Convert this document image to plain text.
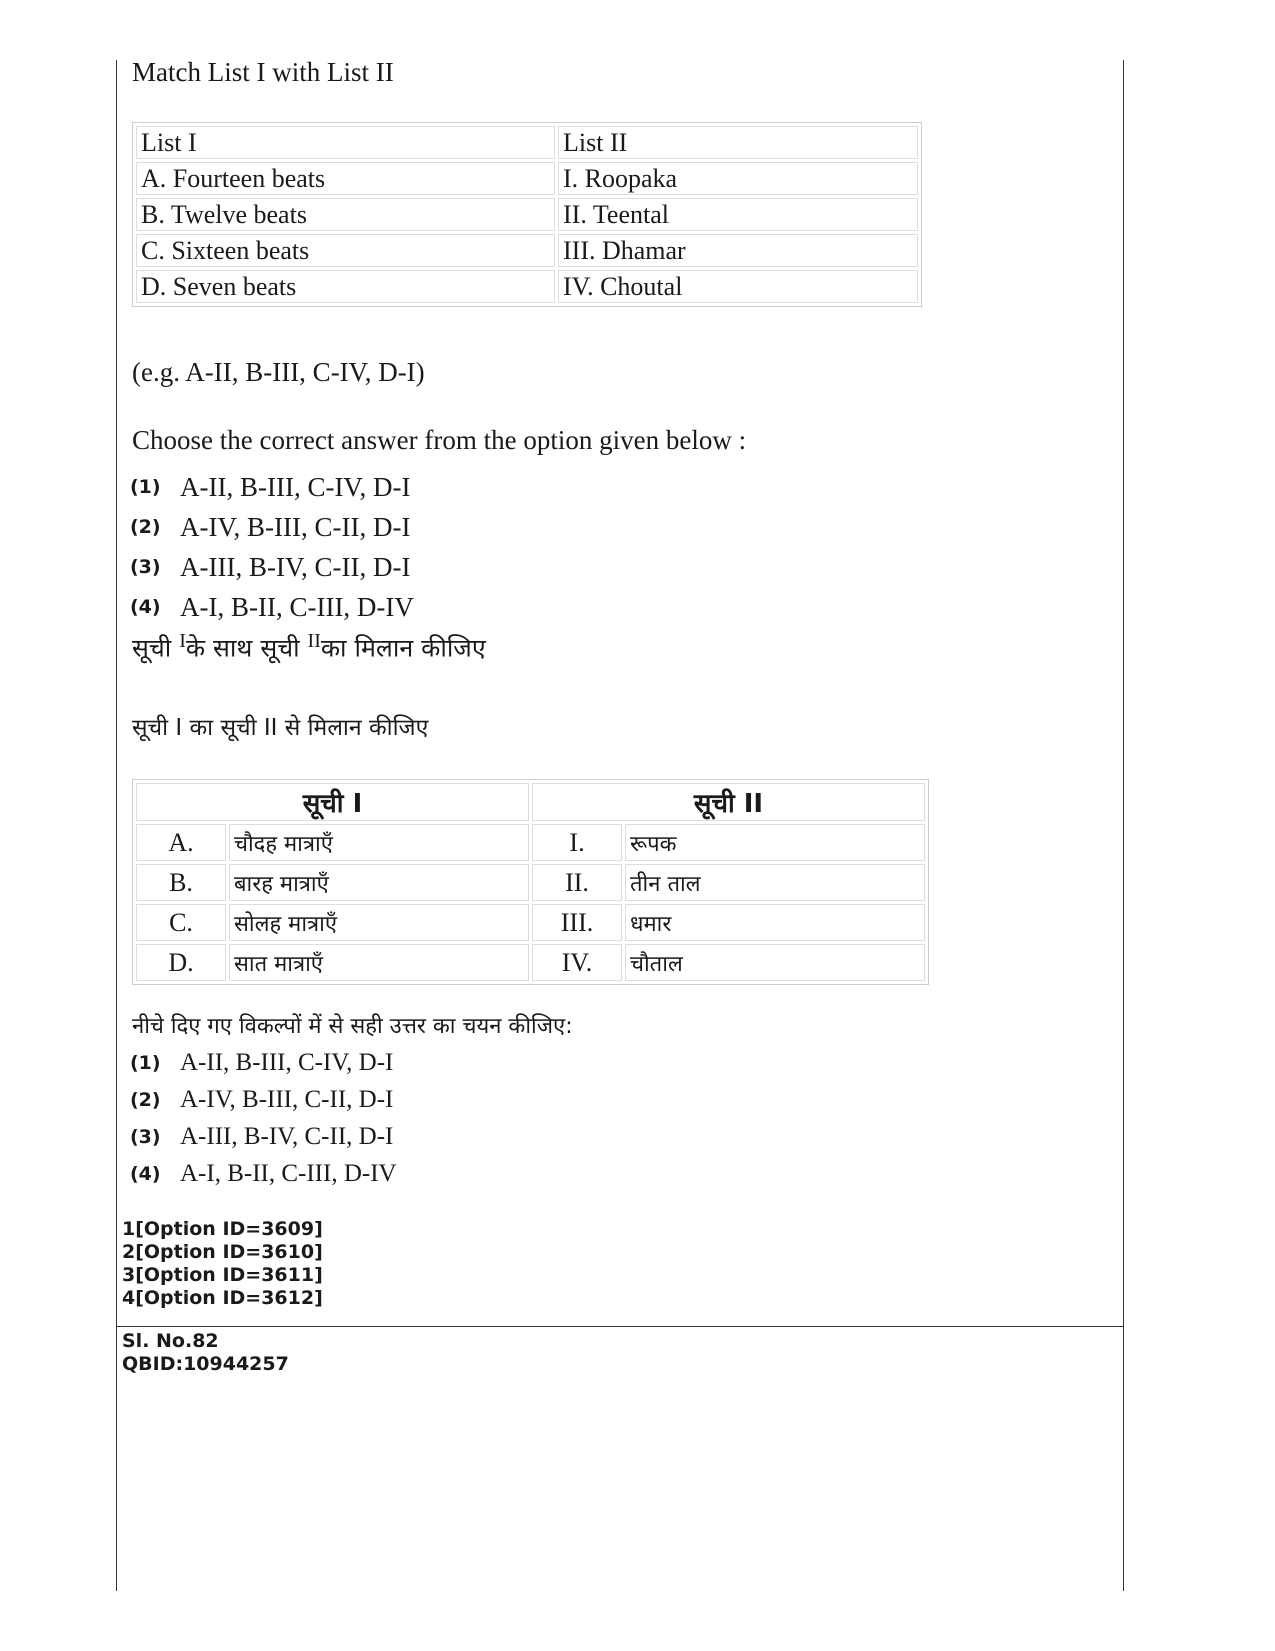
Match List I with List II

List I	List II
A. Fourteen beats	I. Roopaka
B. Twelve beats	II. Teental
C. Sixteen beats	III. Dhamar
D. Seven beats	IV. Choutal
(e.g. A-II, B-III, C-IV, D-I)
Choose the correct answer from the option given below :
(1) A-II, B-III, C-IV, D-I
(2) A-IV, B-III, C-II, D-I
(3) A-III, B-IV, C-II, D-I
(4) A-I, B-II, C-III, D-IV
सूची $^I$के साथ सूची $^{II}$का मिलान कीजिए
सूची I का सूची II से मिलान कीजिए
सूची I		सूची II	
A.	चौदह मात्राएँ	I.	रूपक
B.	बारह मात्राएँ	II.	तीन ताल
C.	सोलह मात्राएँ	III.	धमार
D.	सात मात्राएँ	IV.	चौताल
नीचे दिए गए विकल्पों में से सही उत्तर का चयन कीजिए:
(1) A-II, B-III, C-IV, D-I
(2) A-IV, B-III, C-II, D-I
(3) A-III, B-IV, C-II, D-I
(4) A-I, B-II, C-III, D-IV
1[Option ID=3609]
2[Option ID=3610]
3[Option ID=3611]
4[Option ID=3612]
Sl. No.82
QBID:10944257
